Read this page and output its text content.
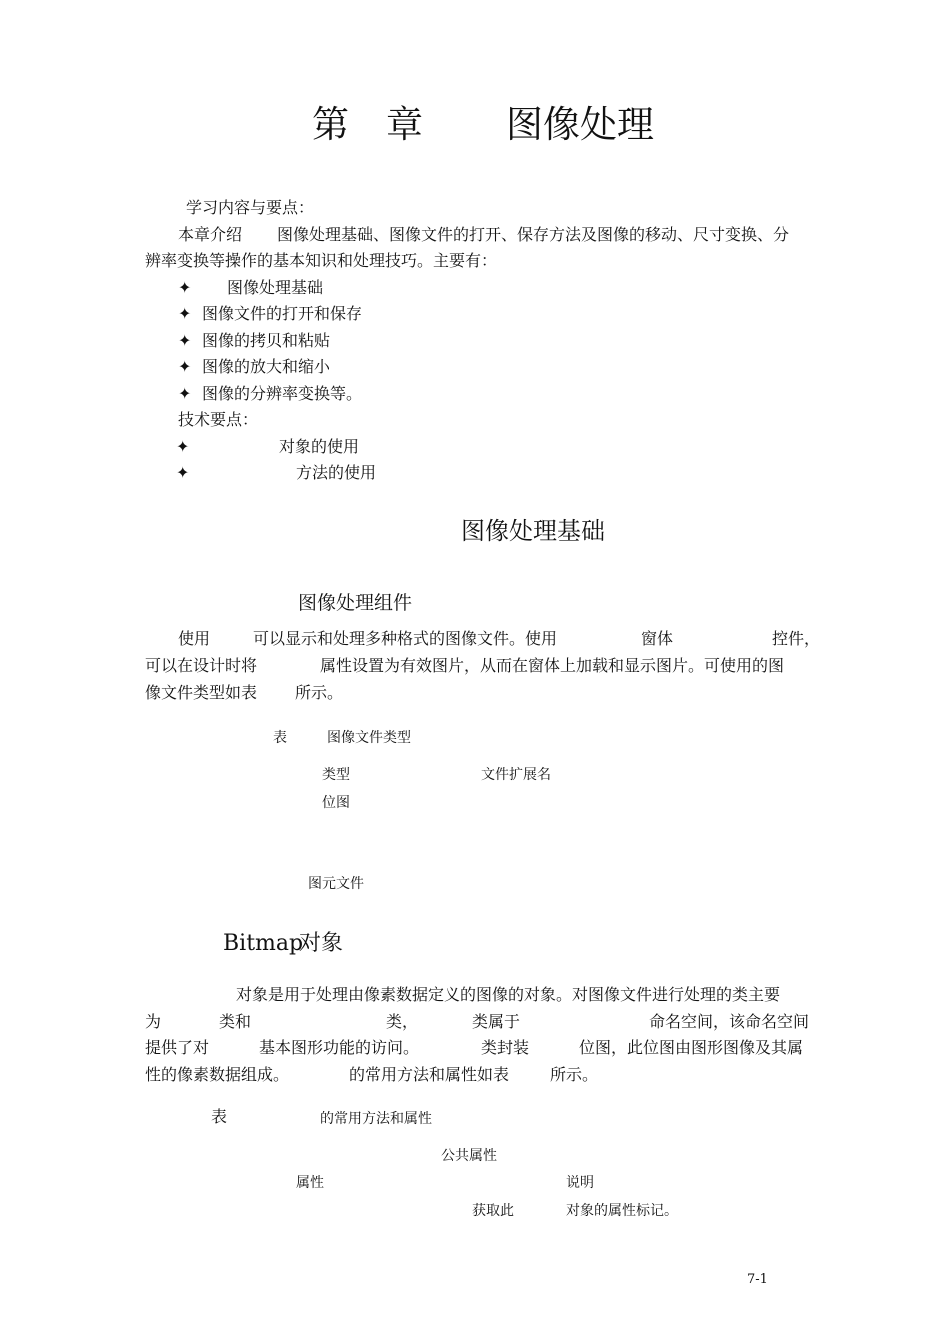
第　章 图像处理
学习内容与要点：
本章介绍 图像处理基础、图像文件的打开、保存方法及图像的移动、尺寸变换、分
辨率变换等操作的基本知识和处理技巧。主要有：
✦ 图像处理基础
✦ 图像文件的打开和保存
✦ 图像的拷贝和粘贴
✦ 图像的放大和缩小
✦ 图像的分辨率变换等。
技术要点：
✦	对象的使用
✦	方法的使用
图像处理基础
图像处理组件
使用	可以显示和处理多种格式的图像文件。使用	窗体	控件，
可以在设计时将	属性设置为有效图片，从而在窗体上加载和显示图片。可使用的图
像文件类型如表 所示。
表	图像文件类型
类型	文件扩展名
位图
图元文件
Bitmap
对象
对象是用于处理由像素数据定义的图像的对象。对图像文件进行处理的类主要
为	类和	类，	类属于	命名空间，该命名空间
提供了对	基本图形功能的访问。	类封装	位图，此位图由图形图像及其属
性的像素数据组成。	的常用方法和属性如表	所示。
表	的常用方法和属性
公共属性
属性	说明
获取此	对象的属性标记。
7-1
